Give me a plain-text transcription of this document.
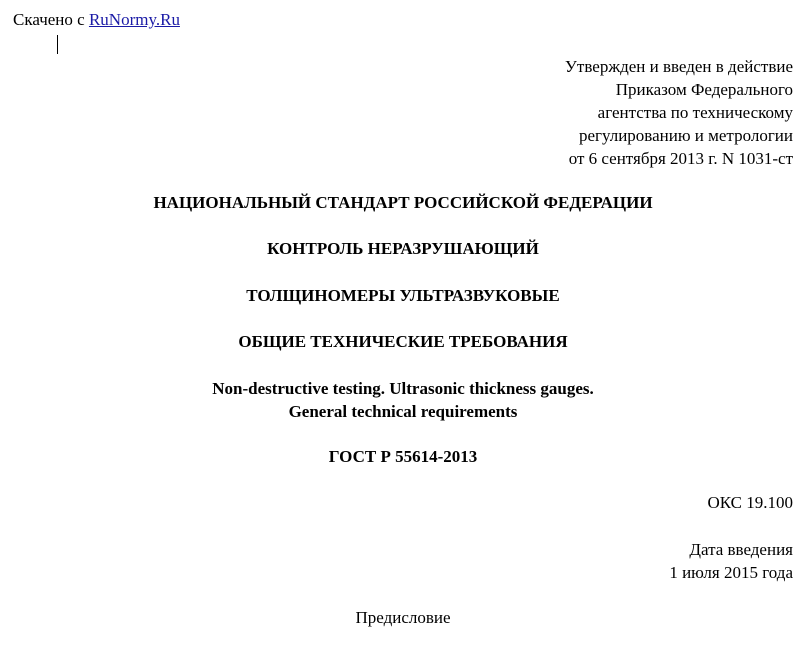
Скачено с RuNormy.Ru
Утвержден и введен в действие
Приказом Федерального
агентства по техническому
регулированию и метрологии
от 6 сентября 2013 г. N 1031-ст
НАЦИОНАЛЬНЫЙ СТАНДАРТ РОССИЙСКОЙ ФЕДЕРАЦИИ
КОНТРОЛЬ НЕРАЗРУШАЮЩИЙ
ТОЛЩИНОМЕРЫ УЛЬТРАЗВУКОВЫЕ
ОБЩИЕ ТЕХНИЧЕСКИЕ ТРЕБОВАНИЯ
Non-destructive testing. Ultrasonic thickness gauges.
General technical requirements
ГОСТ Р 55614-2013
ОКС 19.100
Дата введения
1 июля 2015 года
Предисловие
